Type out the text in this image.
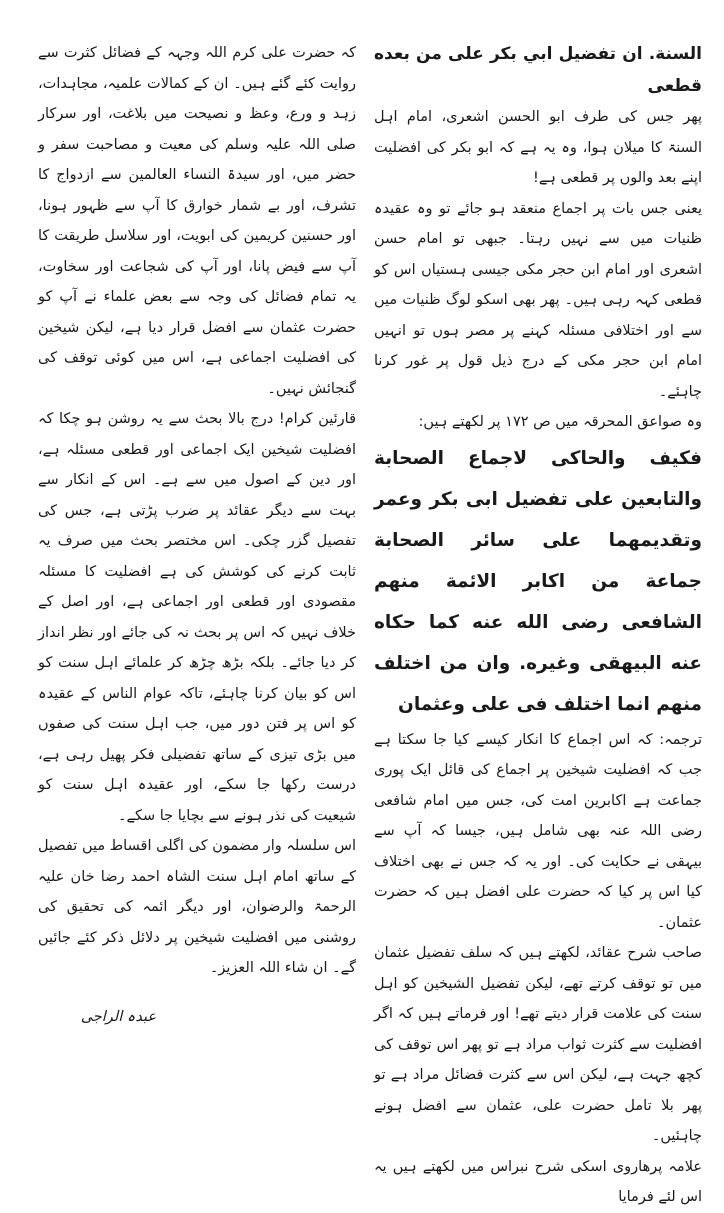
السنة. ان تفضيل ابي بكر علی من بعده قطعی

پھر جس کی طرف ابو الحسن اشعری، امام اہل السنۃ کا میلان ہوا، وہ یہ ہے کہ ابو بکر کی افضلیت اپنے بعد والوں پر قطعی ہے!

یعنی جس بات پر اجماع منعقد ہو جائے تو وہ عقیدہ ظنیات میں سے نہیں رہتا۔ جبھی تو امام حسن اشعری اور امام ابن حجر مکی جیسی ہستیاں اس کو قطعی کہہ رہی ہیں۔ پھر بھی اسکو لوگ ظنیات میں سے اور اختلافی مسئلہ کہنے پر مصر ہوں تو انہیں امام ابن حجر مکی کے درج ذیل قول پر غور کرنا چاہئے۔

وہ صواعق المحرقہ میں ص ۱۷۲ پر لکھتے ہیں:

فكيف والحاكى لاجماع الصحابة والتابعين على تفضيل ابى بكر وعمر وتقديمهما على سائر الصحابة جماعة من اكابر الائمة منهم الشافعى رضى الله عنه كما حكاه عنه البيهقى وغيره. وان من اختلف منهم انما اختلف فى على وعثمان

ترجمہ: کہ اس اجماع کا انکار کیسے کیا جا سکتا ہے جب کہ افضلیت شیخین پر اجماع کی قائل ایک پوری جماعت ہے اکابرین امت کی، جس میں امام شافعی رضی اللہ عنہ بھی شامل ہیں، جیسا کہ آپ سے بیہقی نے حکایت کی۔ اور یہ کہ جس نے بھی اختلاف کیا اس پر کیا کہ حضرت علی افضل ہیں کہ حضرت عثمان۔

صاحب شرح عقائد، لکھتے ہیں کہ سلف تفضیل عثمان میں تو توقف کرتے تھے، لیکن تفضیل الشیخین کو اہل سنت کی علامت قرار دیتے تھے! اور فرماتے ہیں کہ اگر افضلیت سے کثرت ثواب مراد ہے تو پھر اس توقف کی کچھ جہت ہے، لیکن اس سے کثرت فضائل مراد ہے تو پھر بلا تامل حضرت علی، عثمان سے افضل ہونے چاہئیں۔

علامہ پرھاروی اسکی شرح نبراس میں لکھتے ہیں یہ اس لئے فرمایا

کہ حضرت علی کرم اللہ وجہہ کے فضائل کثرت سے روایت کئے گئے ہیں۔ ان کے کمالات علمیہ، مجاہدات، زہد و ورع، وعظ و نصیحت میں بلاغت، اور سرکار صلی اللہ علیہ وسلم کی معیت و مصاحبت سفر و حضر میں، اور سیدۃ النساء العالمین سے ازدواج کا تشرف، اور بے شمار خوارق کا آپ سے ظہور ہونا، اور حسنین کریمین کی ابویت، اور سلاسل طریقت کا آپ سے فیض پانا، اور آپ کی شجاعت اور سخاوت، یہ تمام فضائل کی وجہ سے بعض علماء نے آپ کو حضرت عثمان سے افضل قرار دیا ہے، لیکن شیخین کی افضلیت اجماعی ہے، اس میں کوئی توقف کی گنجائش نہیں۔

قارئین کرام! درج بالا بحث سے یہ روشن ہو چکا کہ افضلیت شیخین ایک اجماعی اور قطعی مسئلہ ہے، اور دین کے اصول میں سے ہے۔ اس کے انکار سے بہت سے دیگر عقائد پر ضرب پڑتی ہے، جس کی تفصیل گزر چکی۔ اس مختصر بحث میں صرف یہ ثابت کرنے کی کوشش کی ہے افضلیت کا مسئلہ مقصودی اور قطعی اور اجماعی ہے، اور اصل کے خلاف نہیں کہ اس پر بحث نہ کی جائے اور نظر انداز کر دیا جائے۔ بلکہ بڑھ چڑھ کر علمائے اہل سنت کو اس کو بیان کرنا چاہئے، تاکہ عوام الناس کے عقیدہ کو اس پر فتن دور میں، جب اہل سنت کی صفوں میں بڑی تیزی کے ساتھ تفضیلی فکر پھیل رہی ہے، درست رکھا جا سکے، اور عقیدہ اہل سنت کو شیعیت کی نذر ہونے سے بچایا جا سکے۔

اس سلسلہ وار مضمون کی اگلی اقساط میں تفصیل کے ساتھ امام اہل سنت الشاہ احمد رضا خان علیہ الرحمۃ والرضوان، اور دیگر ائمہ کی تحقیق کی روشنی میں افضلیت شیخین پر دلائل ذکر کئے جائیں گے۔ ان شاء اللہ العزیز۔

عبدہ الراجی
